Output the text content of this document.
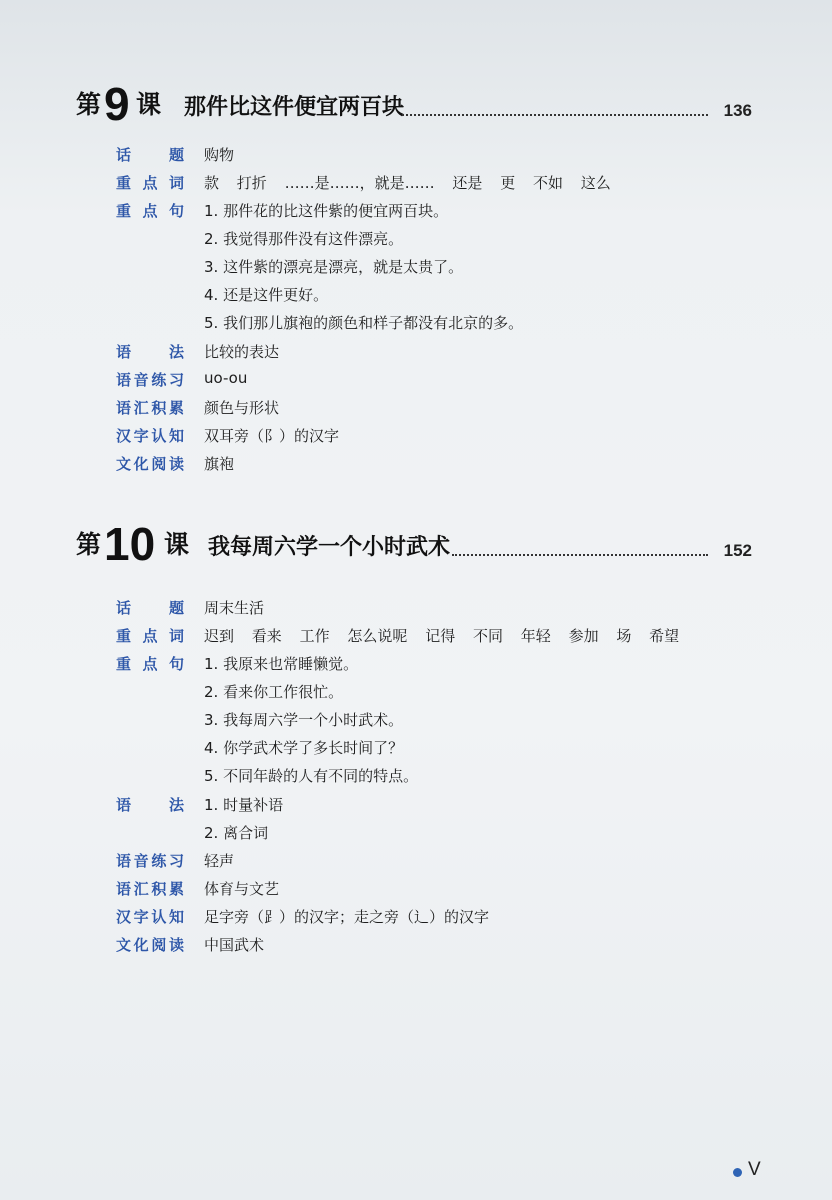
第 9 课 那件比这件便宜两百块	136
话　题 购物
重点词 款 打折 ……是……，就是…… 还是 更 不如 这么
重点句 1. 那件花的比这件紫的便宜两百块。
2. 我觉得那件没有这件漂亮。
3. 这件紫的漂亮是漂亮，就是太贵了。
4. 还是这件更好。
5. 我们那儿旗袍的颜色和样子都没有北京的多。
语　法 比较的表达
语音练习 uo-ou
语汇积累 颜色与形状
汉字认知 双耳旁（阝）的汉字
文化阅读 旗袍
第 10 课 我每周六学一个小时武术	152
话　题 周末生活
重点词 迟到 看来 工作 怎么说呢 记得 不同 年轻 参加 场 希望
重点句 1. 我原来也常睡懒觉。
2. 看来你工作很忙。
3. 我每周六学一个小时武术。
4. 你学武术学了多长时间了？
5. 不同年龄的人有不同的特点。
语　法 1. 时量补语
2. 离合词
语音练习 轻声
语汇积累 体育与文艺
汉字认知 足字旁（⻊）的汉字；走之旁（⻌）的汉字
文化阅读 中国武术
V
